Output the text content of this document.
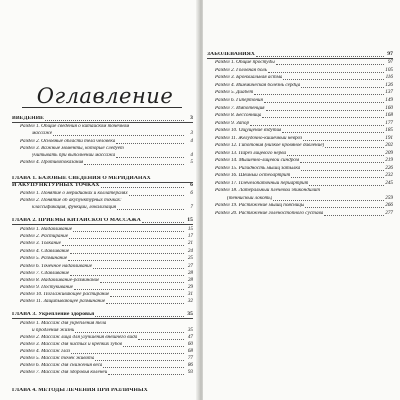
Оглавление
ВВЕДЕНИЕ	3
Раздел 1. Общие сведения о китайском точечном
массаже	3
Раздел 2. Основные области тела человека	4
Раздел 3. Важные моменты, которые следует
учитывать при выполнении массажа	4
Раздел 4. Противопоказания	5
ГЛАВА 1. БАЗОВЫЕ СВЕДЕНИЯ О МЕРИДИАНАХ
И АКУПУНКТУРНЫХ ТОЧКАХ	6
Раздел 1. Понятие о меридианах и коллатералях	6
Раздел 2. Понятие об акупунктурных точках:
классификация, функции, локализация	7
ГЛАВА 2. ПРИЕМЫ КИТАЙСКОГО МАССАЖА	15
Раздел 1. Надавливание	15
Раздел 2. Растирание	17
Раздел 3. Толкание	21
Раздел 4. Сдавливание	24
Раздел 5. Разминание	25
Раздел 6. Точечное надавливание	27
Раздел 7. Сдавливание	28
Раздел 8. Надавливание-разминание	28
Раздел 9. Постукивание	29
Раздел 10. Поглаживающее растирание	31
Раздел 11. Защипывающее разминание	32
ГЛАВА 3. Укрепление здоровья	35
Раздел 1. Массаж для укрепления тела
и продления жизни	35
Раздел 2. Массаж лица для улучшения внешнего вида	47
Раздел 3. Массаж для чистых и крепких зубов	60
Раздел 4. Массаж глаз	68
Раздел 5. Массаж точек живота	77
Раздел 6. Массаж для снижения веса	86
Раздел 7. Массаж для здоровья коленей	93
ГЛАВА 4. МЕТОДЫ ЛЕЧЕНИЯ ПРИ РАЗЛИЧНЫХ
ЗАБОЛЕВАНИЯХ	97
Раздел 1. Общие простуды	97
Раздел 2. Головная боль	105
Раздел 3. Бронхиальная астма	116
Раздел 4. Ишемическая болезнь сердца	126
Раздел 5. Диабет	137
Раздел 6. Гипертония	149
Раздел 7. Импотенция	160
Раздел 8. Бессонница	168
Раздел 9. Запор	177
Раздел 10. Ощущение вздутия	185
Раздел 11. Желудочно-кишечный невроз	191
Раздел 12. Гипотония (низкое кровяное давление)	202
Раздел 13. Парез лицевого нерва	209
Раздел 14. Мышечно-лицевой синдром	219
Раздел 15. Ригидность мышц затылка	226
Раздел 16. Шейный остеоартрит	232
Раздел 17. Плечелопаточный периартрит	245
Раздел 18. Латеральный плечевой эпикондилит
(теннисный локоть)	259
Раздел 19. Растяжение мышц поясницы	266
Раздел 20. Растяжение голеностопного сустава	277
